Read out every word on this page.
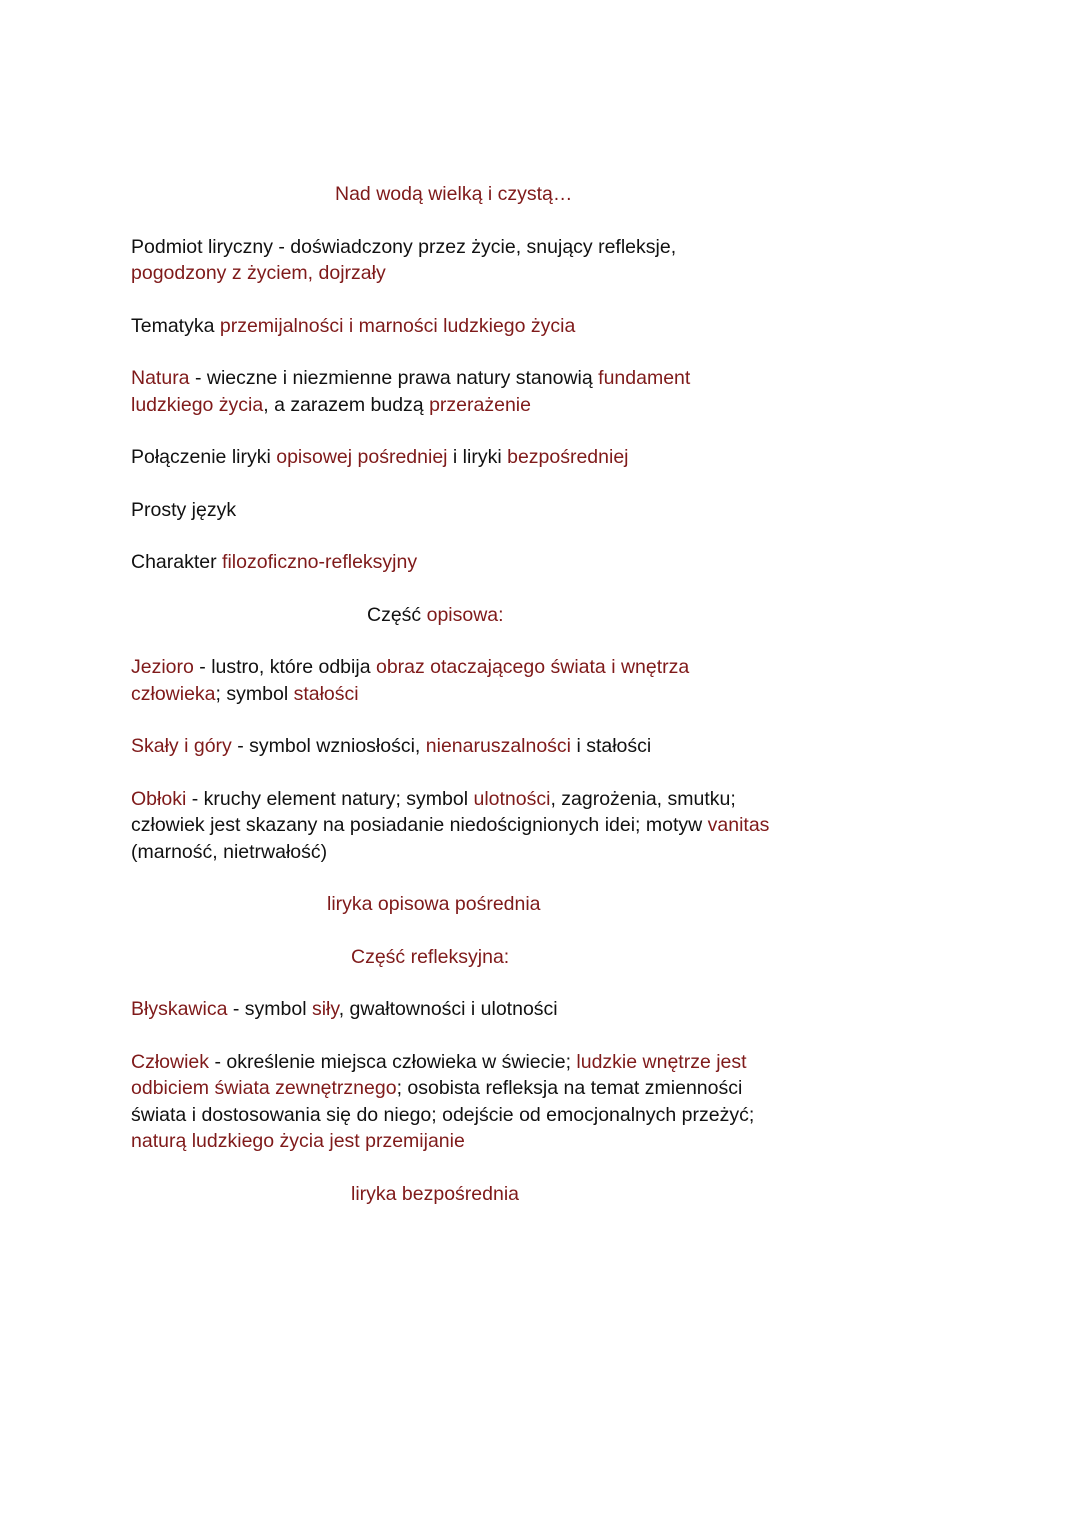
Nad wodą wielką i czystą…

Podmiot liryczny - doświadczony przez życie, snujący refleksje,
pogodzony z życiem, dojrzały

Tematyka przemijalności i marności ludzkiego życia

Natura - wieczne i niezmienne prawa natury stanowią fundament
ludzkiego życia, a zarazem budzą przerażenie

Połączenie liryki opisowej pośredniej i liryki bezpośredniej

Prosty język

Charakter filozoficzno-refleksyjny

Część opisowa:

Jezioro - lustro, które odbija obraz otaczającego świata i wnętrza
człowieka; symbol stałości

Skały i góry - symbol wzniosłości, nienaruszalności i stałości

Obłoki - kruchy element natury; symbol ulotności, zagrożenia, smutku;
człowiek jest skazany na posiadanie niedoścignionych idei; motyw vanitas
(marność, nietrwałość)

liryka opisowa pośrednia

Część refleksyjna:

Błyskawica - symbol siły, gwałtowności i ulotności

Człowiek - określenie miejsca człowieka w świecie; ludzkie wnętrze jest
odbiciem świata zewnętrznego; osobista refleksja na temat zmienności
świata i dostosowania się do niego; odejście od emocjonalnych przeżyć;
naturą ludzkiego życia jest przemijanie

liryka bezpośrednia
